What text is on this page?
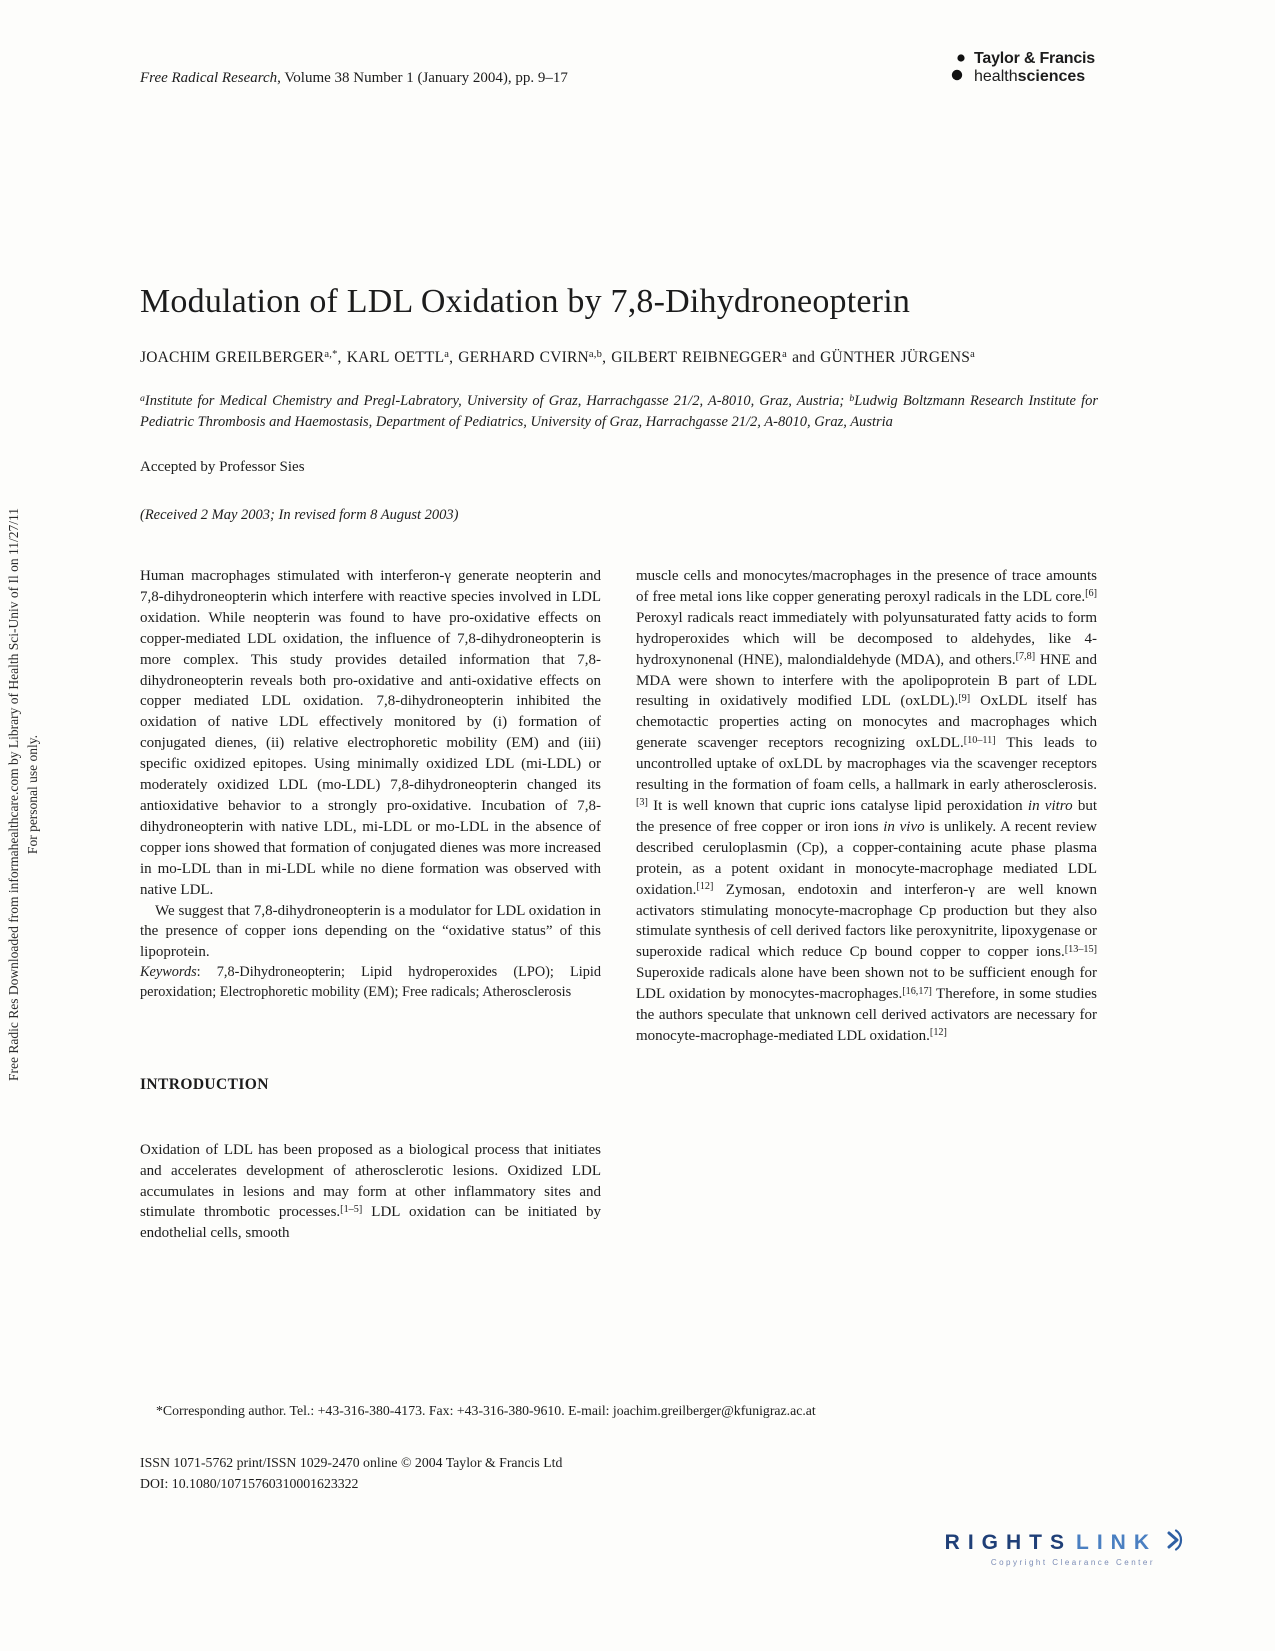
Free Radical Research, Volume 38 Number 1 (January 2004), pp. 9–17
Taylor & Francis
healthsciences
Free Radic Res Downloaded from informahealthcare.com by Library of Health Sci-Univ of Il on 11/27/11 For personal use only.
Modulation of LDL Oxidation by 7,8-Dihydroneopterin
JOACHIM $GREILBERGER^{a,*}$, KARL OETTL$^a$, GERHARD CVIRN$^{a,b}$, GILBERT REIBNEGGER$^a$ and GÜNTHER JÜRGENS$^a$
$^a$Institute for Medical Chemistry and Pregl-Labratory, University of Graz, Harrachgasse 21/2, A-8010, Graz, Austria; $^b$Ludwig Boltzmann Research Institute for Pediatric Thrombosis and Haemostasis, Department of Pediatrics, University of Graz, Harrachgasse 21/2, A-8010, Graz, Austria
Accepted by Professor Sies
(Received 2 May 2003; In revised form 8 August 2003)

Human macrophages stimulated with interferon-γ generate neopterin and 7,8-dihydroneopterin which interfere with reactive species involved in LDL oxidation. While neopterin was found to have pro-oxidative effects on copper-mediated LDL oxidation, the influence of 7,8-dihydroneopterin is more complex. This study provides detailed information that 7,8-dihydroneopterin reveals both pro-oxidative and anti-oxidative effects on copper mediated LDL oxidation. 7,8-dihydroneopterin inhibited the oxidation of native LDL effectively monitored by (i) formation of conjugated dienes, (ii) relative electrophoretic mobility (EM) and (iii) specific oxidized epitopes. Using minimally oxidized LDL (mi-LDL) or moderately oxidized LDL (mo-LDL) 7,8-dihydroneopterin changed its antioxidative behavior to a strongly pro-oxidative. Incubation of 7,8-dihydroneopterin with native LDL, mi-LDL or mo-LDL in the absence of copper ions showed that formation of conjugated dienes was more increased in mo-LDL than in mi-LDL while no diene formation was observed with native LDL.

We suggest that 7,8-dihydroneopterin is a modulator for LDL oxidation in the presence of copper ions depending on the “oxidative status” of this lipoprotein.

Keywords: 7,8-Dihydroneopterin; Lipid hydroperoxides (LPO); Lipid peroxidation; Electrophoretic mobility (EM); Free radicals; Atherosclerosis

INTRODUCTION

Oxidation of LDL has been proposed as a biological process that initiates and accelerates development of atherosclerotic lesions. Oxidized LDL accumulates in lesions and may form at other inflammatory sites and stimulate thrombotic processes.[1–5] LDL oxidation can be initiated by endothelial cells, smooth

muscle cells and monocytes/macrophages in the presence of trace amounts of free metal ions like copper generating peroxyl radicals in the LDL core.[6] Peroxyl radicals react immediately with polyunsaturated fatty acids to form hydroperoxides which will be decomposed to aldehydes, like 4-hydroxynonenal (HNE), malondialdehyde (MDA), and others.[7,8] HNE and MDA were shown to interfere with the apolipoprotein B part of LDL resulting in oxidatively modified LDL (oxLDL).[9] OxLDL itself has chemotactic properties acting on monocytes and macrophages which generate scavenger receptors recognizing oxLDL.[10–11] This leads to uncontrolled uptake of oxLDL by macrophages via the scavenger receptors resulting in the formation of foam cells, a hallmark in early atherosclerosis.[3] It is well known that cupric ions catalyse lipid peroxidation in vitro but the presence of free copper or iron ions in vivo is unlikely. A recent review described ceruloplasmin (Cp), a copper-containing acute phase plasma protein, as a potent oxidant in monocyte-macrophage mediated LDL oxidation.[12] Zymosan, endotoxin and interferon-γ are well known activators stimulating monocyte-macrophage Cp production but they also stimulate synthesis of cell derived factors like peroxynitrite, lipoxygenase or superoxide radical which reduce Cp bound copper to copper ions.[13–15] Superoxide radicals alone have been shown not to be sufficient enough for LDL oxidation by monocytes-macrophages.[16,17] Therefore, in some studies the authors speculate that unknown cell derived activators are necessary for monocyte-macrophage-mediated LDL oxidation.[12]

*Corresponding author. Tel.: +43-316-380-4173. Fax: +43-316-380-9610. E-mail: joachim.greilberger@kfunigraz.ac.at
ISSN 1071-5762 print/ISSN 1029-2470 online © 2004 Taylor & Francis Ltd
DOI: 10.1080/10715760310001623322
RIGHTS LINK
Copyright Clearance Center
